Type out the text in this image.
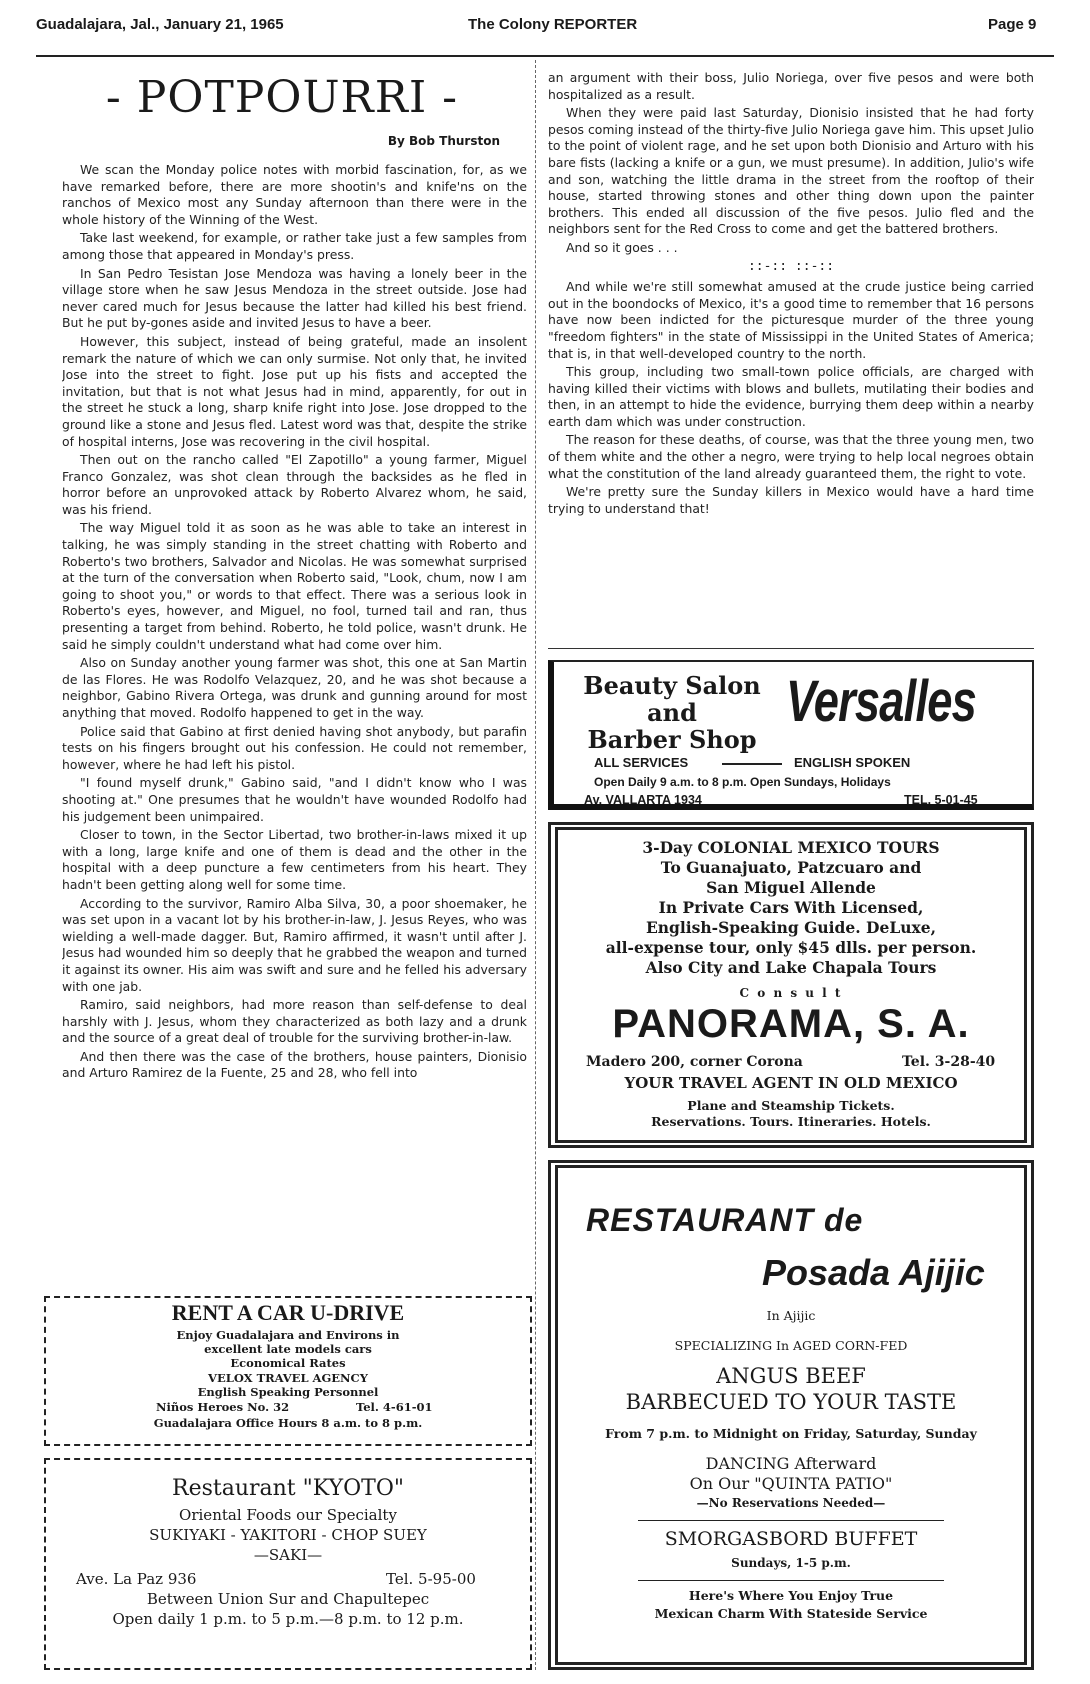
Guadalajara, Jal., January 21, 1965	The Colony REPORTER	Page 9
- POTPOURRI -
By Bob Thurston

We scan the Monday police notes with morbid fascination, for, as we have remarked before, there are more shootin's and knife'ns on the ranchos of Mexico most any Sunday afternoon than there were in the whole history of the Winning of the West.

Take last weekend, for example, or rather take just a few samples from among those that appeared in Monday's press.

In San Pedro Tesistan Jose Mendoza was having a lonely beer in the village store when he saw Jesus Mendoza in the street outside. Jose had never cared much for Jesus because the latter had killed his best friend. But he put by-gones aside and invited Jesus to have a beer.

However, this subject, instead of being grateful, made an insolent remark the nature of which we can only surmise. Not only that, he invited Jose into the street to fight. Jose put up his fists and accepted the invitation, but that is not what Jesus had in mind, apparently, for out in the street he stuck a long, sharp knife right into Jose. Jose dropped to the ground like a stone and Jesus fled. Latest word was that, despite the strike of hospital interns, Jose was recovering in the civil hospital.

Then out on the rancho called "El Zapotillo" a young farmer, Miguel Franco Gonzalez, was shot clean through the backsides as he fled in horror before an unprovoked attack by Roberto Alvarez whom, he said, was his friend.

The way Miguel told it as soon as he was able to take an interest in talking, he was simply standing in the street chatting with Roberto and Roberto's two brothers, Salvador and Nicolas. He was somewhat surprised at the turn of the conversation when Roberto said, "Look, chum, now I am going to shoot you," or words to that effect. There was a serious look in Roberto's eyes, however, and Miguel, no fool, turned tail and ran, thus presenting a target from behind. Roberto, he told police, wasn't drunk. He said he simply couldn't understand what had come over him.

Also on Sunday another young farmer was shot, this one at San Martin de las Flores. He was Rodolfo Velazquez, 20, and he was shot because a neighbor, Gabino Rivera Ortega, was drunk and gunning around for most anything that moved. Rodolfo happened to get in the way.

Police said that Gabino at first denied having shot anybody, but parafin tests on his fingers brought out his confession. He could not remember, however, where he had left his pistol.

"I found myself drunk," Gabino said, "and I didn't know who I was shooting at." One presumes that he wouldn't have wounded Rodolfo had his judgement been unimpaired.

Closer to town, in the Sector Libertad, two brother-in-laws mixed it up with a long, large knife and one of them is dead and the other in the hospital with a deep puncture a few centimeters from his heart. They hadn't been getting along well for some time.

According to the survivor, Ramiro Alba Silva, 30, a poor shoemaker, he was set upon in a vacant lot by his brother-in-law, J. Jesus Reyes, who was wielding a well-made dagger. But, Ramiro affirmed, it wasn't until after J. Jesus had wounded him so deeply that he grabbed the weapon and turned it against its owner. His aim was swift and sure and he felled his adversary with one jab.

Ramiro, said neighbors, had more reason than self-defense to deal harshly with J. Jesus, whom they characterized as both lazy and a drunk and the source of a great deal of trouble for the surviving brother-in-law.

And then there was the case of the brothers, house painters, Dionisio and Arturo Ramirez de la Fuente, 25 and 28, who fell into

an argument with their boss, Julio Noriega, over five pesos and were both hospitalized as a result.

When they were paid last Saturday, Dionisio insisted that he had forty pesos coming instead of the thirty-five Julio Noriega gave him. This upset Julio to the point of violent rage, and he set upon both Dionisio and Arturo with his bare fists (lacking a knife or a gun, we must presume). In addition, Julio's wife and son, watching the little drama in the street from the rooftop of their house, started throwing stones and other thing down upon the painter brothers. This ended all discussion of the five pesos. Julio fled and the neighbors sent for the Red Cross to come and get the battered brothers.

And so it goes . . .

::-:: ::-::

And while we're still somewhat amused at the crude justice being carried out in the boondocks of Mexico, it's a good time to remember that 16 persons have now been indicted for the picturesque murder of the three young "freedom fighters" in the state of Mississippi in the United States of America; that is, in that well-developed country to the north.

This group, including two small-town police officials, are charged with having killed their victims with blows and bullets, mutilating their bodies and then, in an attempt to hide the evidence, burrying them deep within a nearby earth dam which was under construction.

The reason for these deaths, of course, was that the three young men, two of them white and the other a negro, were trying to help local negroes obtain what the constitution of the land already guaranteed them, the right to vote.

We're pretty sure the Sunday killers in Mexico would have a hard time trying to understand that!

Beauty Salon
and
Barber Shop
Versalles
ALL SERVICES	ENGLISH SPOKEN
Open Daily 9 a.m. to 8 p.m. Open Sundays, Holidays
Av. VALLARTA 1934	TEL. 5-01-45
3-Day COLONIAL MEXICO TOURS
To Guanajuato, Patzcuaro and
San Miguel Allende
In Private Cars With Licensed,
English-Speaking Guide. DeLuxe,
all-expense tour, only $45 dlls. per person.
Also City and Lake Chapala Tours
C o n s u l t
PANORAMA, S. A.
Madero 200, corner Corona	Tel. 3-28-40
YOUR TRAVEL AGENT IN OLD MEXICO
Plane and Steamship Tickets.
Reservations. Tours. Itineraries. Hotels.
RESTAURANT de
Posada Ajijic
In Ajijic
SPECIALIZING In AGED CORN-FED
ANGUS BEEF
BARBECUED TO YOUR TASTE
From 7 p.m. to Midnight on Friday, Saturday, Sunday
DANCING Afterward
On Our "QUINTA PATIO"
—No Reservations Needed—
SMORGASBORD BUFFET
Sundays, 1-5 p.m.
Here's Where You Enjoy True
Mexican Charm With Stateside Service
RENT A CAR U-DRIVE
Enjoy Guadalajara and Environs in
excellent late models cars
Economical Rates
VELOX TRAVEL AGENCY
English Speaking Personnel
Niños Heroes No. 32	Tel. 4-61-01
Guadalajara Office Hours 8 a.m. to 8 p.m.
Restaurant "KYOTO"
Oriental Foods our Specialty
SUKIYAKI - YAKITORI - CHOP SUEY
—SAKI—
Ave. La Paz 936	Tel. 5-95-00
Between Union Sur and Chapultepec
Open daily 1 p.m. to 5 p.m.—8 p.m. to 12 p.m.
